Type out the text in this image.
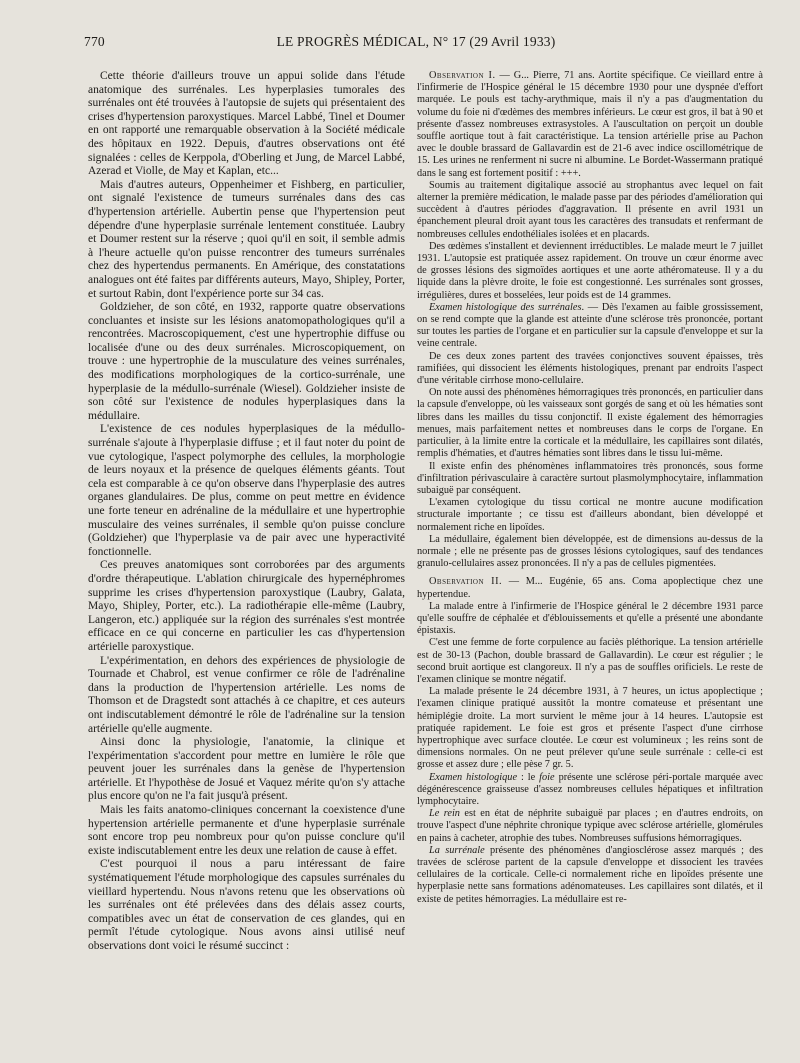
770	LE PROGRÈS MÉDICAL, N° 17 (29 Avril 1933)

Cette théorie d'ailleurs trouve un appui solide dans l'étude anatomique des surrénales. Les hyperplasies tumorales des surrénales ont été trouvées à l'autopsie de sujets qui présentaient des crises d'hypertension paroxystiques. Marcel Labbé, Tinel et Doumer en ont rapporté une remarquable observation à la Société médicale des hôpitaux en 1922. Depuis, d'autres observations ont été signalées : celles de Kerppola, d'Oberling et Jung, de Marcel Labbé, Azerad et Violle, de May et Kaplan, etc...

Mais d'autres auteurs, Oppenheimer et Fishberg, en particulier, ont signalé l'existence de tumeurs surrénales dans des cas d'hypertension artérielle. Aubertin pense que l'hypertension peut dépendre d'une hyperplasie surrénale lentement constituée. Laubry et Doumer restent sur la réserve ; quoi qu'il en soit, il semble admis à l'heure actuelle qu'on puisse rencontrer des tumeurs surrénales chez des hypertendus permanents. En Amérique, des constatations analogues ont été faites par différents auteurs, Mayo, Shipley, Porter, et surtout Rabin, dont l'expérience porte sur 34 cas.

Goldzieher, de son côté, en 1932, rapporte quatre observations concluantes et insiste sur les lésions anatomopathologiques qu'il a rencontrées. Macroscopiquement, c'est une hypertrophie diffuse ou localisée d'une ou des deux surrénales. Microscopiquement, on trouve : une hypertrophie de la musculature des veines surrénales, des modifications morphologiques de la cortico-surrénale, une hyperplasie de la médullo-surrénale (Wiesel). Goldzieher insiste de son côté sur l'existence de nodules hyperplasiques dans la médullaire.

L'existence de ces nodules hyperplasiques de la médullo-surrénale s'ajoute à l'hyperplasie diffuse ; et il faut noter du point de vue cytologique, l'aspect polymorphe des cellules, la morphologie de leurs noyaux et la présence de quelques éléments géants. Tout cela est comparable à ce qu'on observe dans l'hyperplasie des autres organes glandulaires. De plus, comme on peut mettre en évidence une forte teneur en adrénaline de la médullaire et une hypertrophie musculaire des veines surrénales, il semble qu'on puisse conclure (Goldzieher) que l'hyperplasie va de pair avec une hyperactivité fonctionnelle.

Ces preuves anatomiques sont corroborées par des arguments d'ordre thérapeutique. L'ablation chirurgicale des hypernéphromes supprime les crises d'hypertension paroxystique (Laubry, Galata, Mayo, Shipley, Porter, etc.). La radiothérapie elle-même (Laubry, Langeron, etc.) appliquée sur la région des surrénales s'est montrée efficace en ce qui concerne en particulier les cas d'hypertension artérielle paroxystique.

L'expérimentation, en dehors des expériences de physiologie de Tournade et Chabrol, est venue confirmer ce rôle de l'adrénaline dans la production de l'hypertension artérielle. Les noms de Thomson et de Dragstedt sont attachés à ce chapitre, et ces auteurs ont indiscutablement démontré le rôle de l'adrénaline sur la tension artérielle qu'elle augmente.

Ainsi donc la physiologie, l'anatomie, la clinique et l'expérimentation s'accordent pour mettre en lumière le rôle que peuvent jouer les surrénales dans la genèse de l'hypertension artérielle. Et l'hypothèse de Josué et Vaquez mérite qu'on s'y attache plus encore qu'on ne l'a fait jusqu'à présent.

Mais les faits anatomo-cliniques concernant la coexistence d'une hypertension artérielle permanente et d'une hyperplasie surrénale sont encore trop peu nombreux pour qu'on puisse conclure qu'il existe indiscutablement entre les deux une relation de cause à effet.

C'est pourquoi il nous a paru intéressant de faire systématiquement l'étude morphologique des capsules surrénales du vieillard hypertendu. Nous n'avons retenu que les observations où les surrénales ont été prélevées dans des délais assez courts, compatibles avec un état de conservation de ces glandes, qui en permît l'étude cytologique. Nous avons ainsi utilisé neuf observations dont voici le résumé succinct :

Observation I. — G... Pierre, 71 ans. Aortite spécifique. Ce vieillard entre à l'infirmerie de l'Hospice général le 15 décembre 1930 pour une dyspnée d'effort marquée. Le pouls est tachy-arythmique, mais il n'y a pas d'augmentation du volume du foie ni d'œdèmes des membres inférieurs. Le cœur est gros, il bat à 90 et présente d'assez nombreuses extrasystoles. A l'auscultation on perçoit un double souffle aortique tout à fait caractéristique. La tension artérielle prise au Pachon avec le double brassard de Gallavardin est de 21-6 avec indice oscillométrique de 15. Les urines ne renferment ni sucre ni albumine. Le Bordet-Wassermann pratiqué dans le sang est fortement positif : +++.

Soumis au traitement digitalique associé au strophantus avec lequel on fait alterner la première médication, le malade passe par des périodes d'amélioration qui succèdent à d'autres périodes d'aggravation. Il présente en avril 1931 un épanchement pleural droit ayant tous les caractères des transudats et renfermant de nombreuses cellules endothéliales isolées et en placards.

Des œdèmes s'installent et deviennent irréductibles. Le malade meurt le 7 juillet 1931. L'autopsie est pratiquée assez rapidement. On trouve un cœur énorme avec de grosses lésions des sigmoïdes aortiques et une aorte athéromateuse. Il y a du liquide dans la plèvre droite, le foie est congestionné. Les surrénales sont grosses, irrégulières, dures et bosselées, leur poids est de 14 grammes.

Examen histologique des surrénales. — Dès l'examen au faible grossissement, on se rend compte que la glande est atteinte d'une sclérose très prononcée, portant sur toutes les parties de l'organe et en particulier sur la capsule d'enveloppe et sur la veine centrale.

De ces deux zones partent des travées conjonctives souvent épaisses, très ramifiées, qui dissocient les éléments histologiques, prenant par endroits l'aspect d'une véritable cirrhose mono-cellulaire.

On note aussi des phénomènes hémorragiques très prononcés, en particulier dans la capsule d'enveloppe, où les vaisseaux sont gorgés de sang et où les hématies sont libres dans les mailles du tissu conjonctif. Il existe également des hémorragies menues, mais parfaitement nettes et nombreuses dans le corps de l'organe. En particulier, à la limite entre la corticale et la médullaire, les capillaires sont dilatés, remplis d'hématies, et d'autres hématies sont libres dans le tissu lui-même.

Il existe enfin des phénomènes inflammatoires très prononcés, sous forme d'infiltration périvasculaire à caractère surtout plasmolymphocytaire, inflammation subaiguë par conséquent.

L'examen cytologique du tissu cortical ne montre aucune modification structurale importante ; ce tissu est d'ailleurs abondant, bien développé et normalement riche en lipoïdes.

La médullaire, également bien développée, est de dimensions au-dessus de la normale ; elle ne présente pas de grosses lésions cytologiques, sauf des tendances granulo-cellulaires assez prononcées. Il n'y a pas de cellules pigmentées.

Observation II. — M... Eugénie, 65 ans. Coma apoplectique chez une hypertendue.

La malade entre à l'infirmerie de l'Hospice général le 2 décembre 1931 parce qu'elle souffre de céphalée et d'éblouissements et qu'elle a présenté une abondante épistaxis.

C'est une femme de forte corpulence au faciès pléthorique. La tension artérielle est de 30-13 (Pachon, double brassard de Gallavardin). Le cœur est régulier ; le second bruit aortique est clangoreux. Il n'y a pas de souffles orificiels. Le reste de l'examen clinique se montre négatif.

La malade présente le 24 décembre 1931, à 7 heures, un ictus apoplectique ; l'examen clinique pratiqué aussitôt la montre comateuse et présentant une hémiplégie droite. La mort survient le même jour à 14 heures. L'autopsie est pratiquée rapidement. Le foie est gros et présente l'aspect d'une cirrhose hypertrophique avec surface cloutée. Le cœur est volumineux ; les reins sont de dimensions normales. On ne peut prélever qu'une seule surrénale : celle-ci est grosse et assez dure ; elle pèse 7 gr. 5.

Examen histologique : le foie présente une sclérose péri-portale marquée avec dégénérescence graisseuse d'assez nombreuses cellules hépatiques et infiltration lymphocytaire.

Le rein est en état de néphrite subaiguë par places ; en d'autres endroits, on trouve l'aspect d'une néphrite chronique typique avec sclérose artérielle, glomérules en pains à cacheter, atrophie des tubes. Nombreuses suffusions hémorragiques.

La surrénale présente des phénomènes d'angiosclérose assez marqués ; des travées de sclérose partent de la capsule d'enveloppe et dissocient les travées cellulaires de la corticale. Celle-ci normalement riche en lipoïdes présente une hyperplasie nette sans formations adénomateuses. Les capillaires sont dilatés, et il existe de petites hémorragies. La médullaire est re-
